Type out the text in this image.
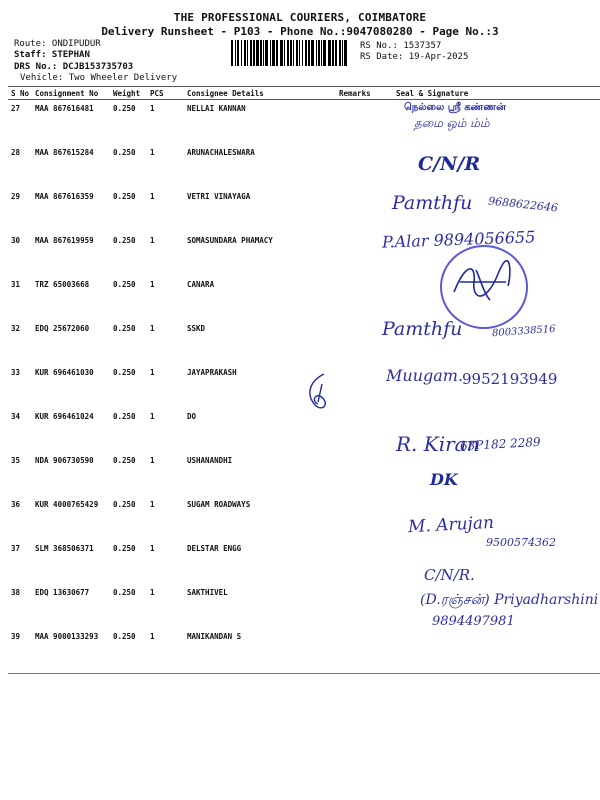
THE PROFESSIONAL COURIERS, COIMBATORE
Delivery Runsheet - P103 - Phone No.:9047080280 - Page No.:3
Route: ONDIPUDUR
Staff: STEPHAN
DRS No.: DCJB153735703
Vehicle: Two Wheeler Delivery
RS No.: 1537357
RS Date: 19-Apr-2025
S No	Consignment No	Weight	PCS	Consignee Details	Remarks	Seal & Signature
27	MAA 867616481	0.250	1	NELLAI KANNAN		
28	MAA 867615284	0.250	1	ARUNACHALESWARA		
29	MAA 867616359	0.250	1	VETRI VINAYAGA		
30	MAA 867619959	0.250	1	SOMASUNDARA PHAMACY		
31	TRZ 65003668	0.250	1	CANARA		
32	EDQ 25672060	0.250	1	SSKD		
33	KUR 696461030	0.250	1	JAYAPRAKASH		
34	KUR 696461024	0.250	1	DO		
35	NDA 906730590	0.250	1	USHANANDHI		
36	KUR 4000765429	0.250	1	SUGAM ROADWAYS		
37	SLM 368506371	0.250	1	DELSTAR ENGG		
38	EDQ 13630677	0.250	1	SAKTHIVEL		
39	MAA 9000133293	0.250	1	MANIKANDAN S		
நெல்லை ஸ்ரீ கண்ணன்
தமை ஒம் ம்ம்
C/N/R
Pamthfu 9688622646
P.Alar 9894056655
Pamthfu	8003338516
Muugam.
9952193949
R. Kiran
63P182 2289
DK
M. Arujan
9500574362
C/N/R.
(D.ரஞ்சன்) Priyadharshini
9894497981
